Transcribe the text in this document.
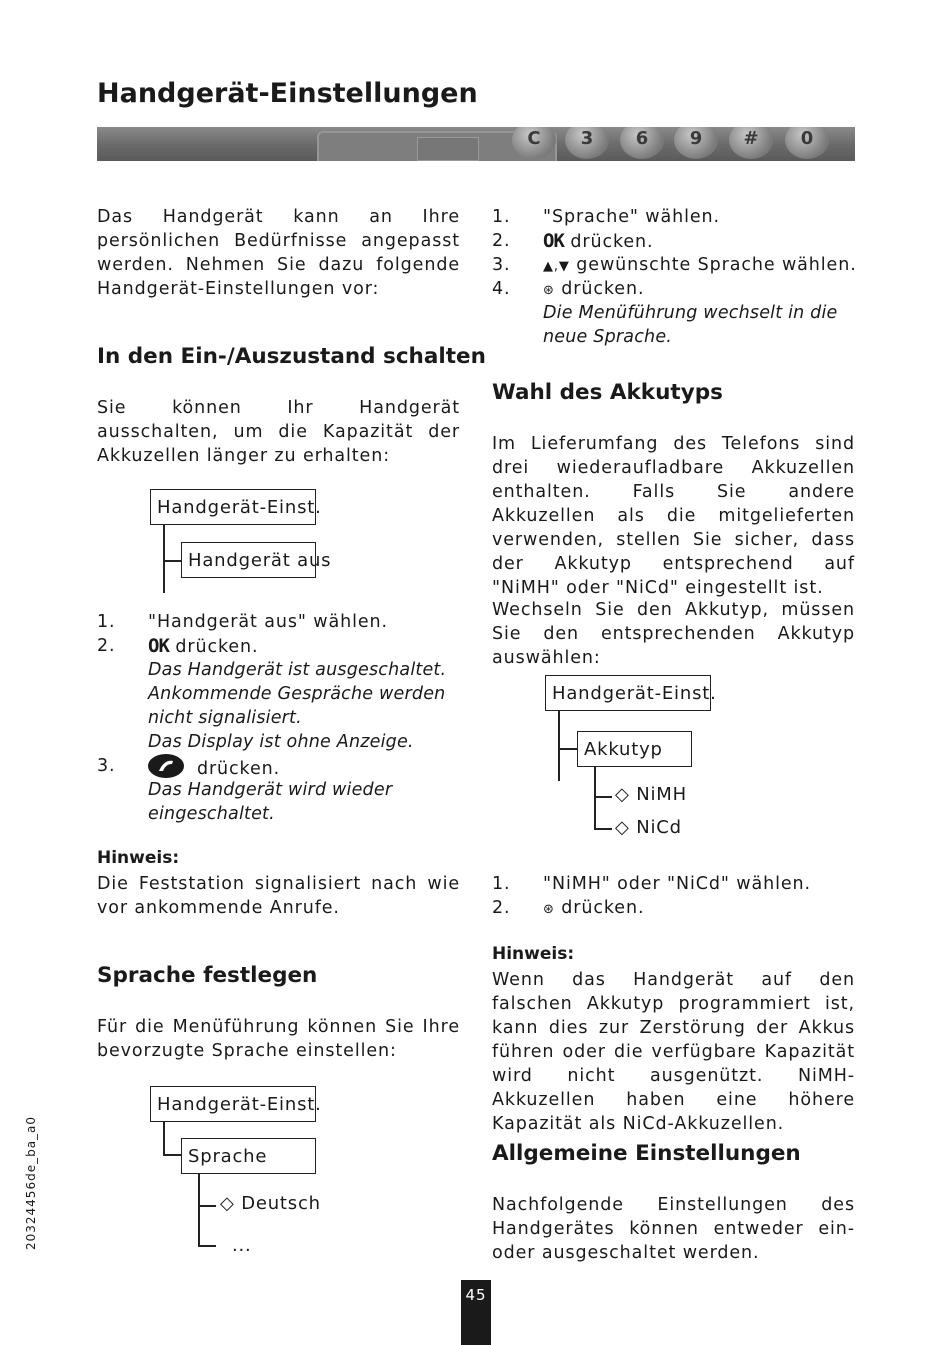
Handgerät-Einstellungen
C	3	6	9	#	0
Das Handgerät kann an Ihre persönlichen Bedürfnisse angepasst werden. Nehmen Sie dazu folgende Handgerät-Einstellungen vor:
In den Ein-/Auszustand schalten
Sie können Ihr Handgerät ausschalten, um die Kapazität der Akkuzellen länger zu erhalten:
Handgerät-Einst.
Handgerät aus
1. "Handgerät aus" wählen.
2. OK drücken.
Das Handgerät ist ausgeschaltet.
Ankommende Gespräche werden
nicht signalisiert.
Das Display ist ohne Anzeige.
3.	drücken.
Das Handgerät wird wieder
eingeschaltet.
Hinweis:
Die Feststation signalisiert nach wie vor ankommende Anrufe.
Sprache festlegen
Für die Menüführung können Sie Ihre bevorzugte Sprache einstellen:
Handgerät-Einst.
Sprache
◇ Deutsch
...
20324456de_ba_a0
1. "Sprache" wählen.
2. OK drücken.
3.	▲,▼ gewünschte Sprache wählen.
4.	⊛ drücken.
Die Menüführung wechselt in die
neue Sprache.
Wahl des Akkutyps
Im Lieferumfang des Telefons sind drei wiederaufladbare Akkuzellen enthalten. Falls Sie andere Akkuzellen als die mitgelieferten verwenden, stellen Sie sicher, dass der Akkutyp entsprechend auf "NiMH" oder "NiCd" eingestellt ist.
Wechseln Sie den Akkutyp, müssen Sie den entsprechenden Akkutyp auswählen:
Handgerät-Einst.
Akkutyp
◇ NiMH
◇ NiCd
1. "NiMH" oder "NiCd" wählen.
2.	⊛ drücken.
Hinweis:
Wenn das Handgerät auf den falschen Akkutyp programmiert ist, kann dies zur Zerstörung der Akkus führen oder die verfügbare Kapazität wird nicht ausgenützt. NiMH-Akkuzellen haben eine höhere Kapazität als NiCd-Akkuzellen.
Allgemeine Einstellungen
Nachfolgende Einstellungen des Handgerätes können entweder ein- oder ausgeschaltet werden.
45
